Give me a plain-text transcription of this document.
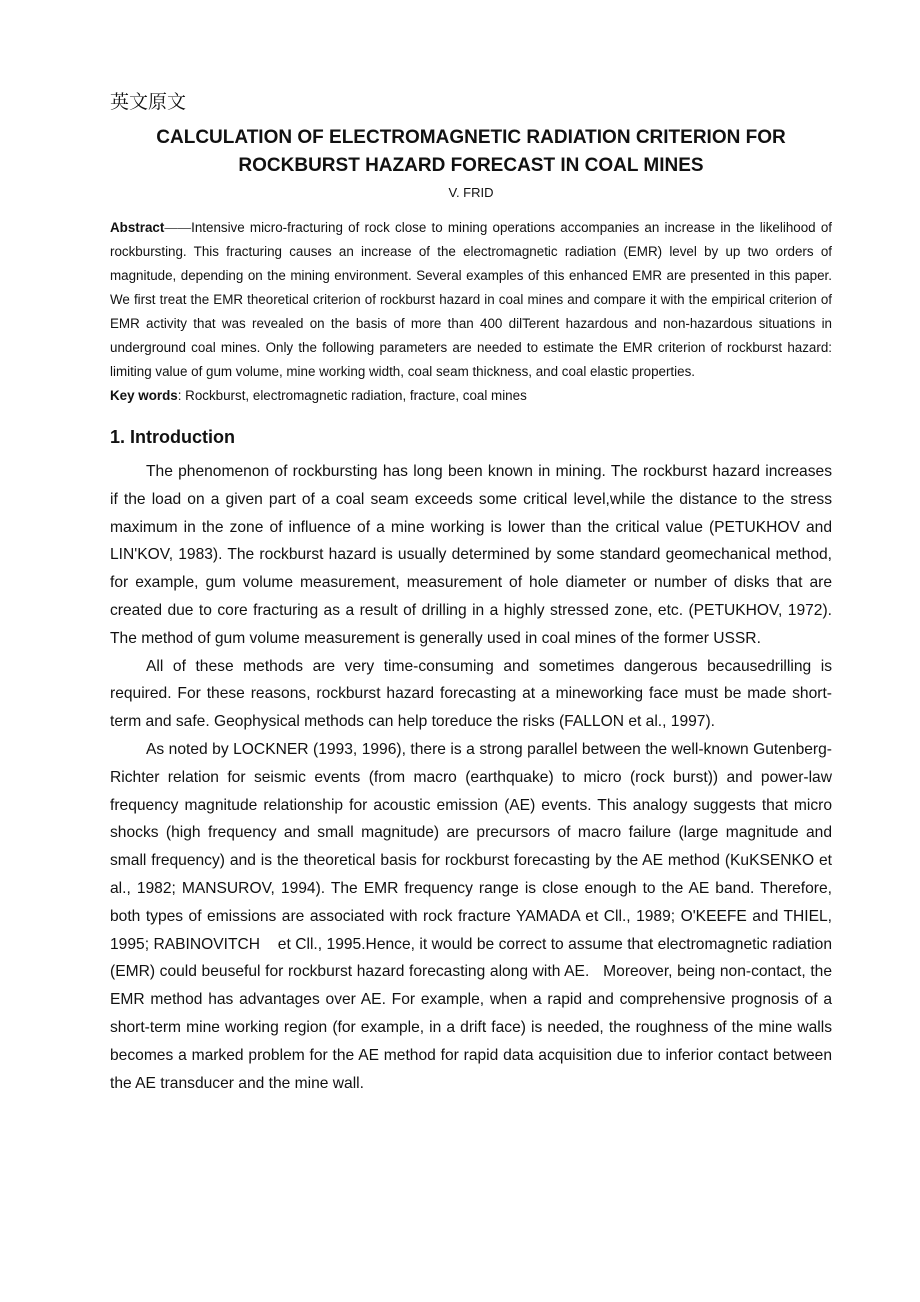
英文原文
CALCULATION OF ELECTROMAGNETIC RADIATION CRITERION FOR
ROCKBURST HAZARD FORECAST IN COAL MINES
V. FRID

Abstract——Intensive micro-fracturing of rock close to mining operations accompanies an increase in the likelihood of rockbursting. This fracturing causes an increase of the electromagnetic radiation (EMR) level by up two orders of magnitude, depending on the mining environment. Several examples of this enhanced EMR are presented in this paper. We first treat the EMR theoretical criterion of rockburst hazard in coal mines and compare it with the empirical criterion of EMR activity that was revealed on the basis of more than 400 dilTerent hazardous and non-hazardous situations in underground coal mines. Only the following parameters are needed to estimate the EMR criterion of rockburst hazard: limiting value of gum volume, mine working width, coal seam thickness, and coal elastic properties.

Key words: Rockburst, electromagnetic radiation, fracture, coal mines

1. Introduction

The phenomenon of rockbursting has long been known in mining. The rockburst hazard increases if the load on a given part of a coal seam exceeds some critical level,while the distance to the stress maximum in the zone of influence of a mine working is lower than the critical value (PETUKHOV and LIN'KOV, 1983). The rockburst hazard is usually determined by some standard geomechanical method, for example, gum volume measurement, measurement of hole diameter or number of disks that are created due to core fracturing as a result of drilling in a highly stressed zone, etc. (PETUKHOV, 1972). The method of gum volume measurement is generally used in coal mines of the former USSR.

All of these methods are very time-consuming and sometimes dangerous becausedrilling is required. For these reasons, rockburst hazard forecasting at a mineworking face must be made short-term and safe. Geophysical methods can help toreduce the risks (FALLON et al., 1997).

As noted by LOCKNER (1993, 1996), there is a strong parallel between the well-known Gutenberg-Richter relation for seismic events (from macro (earthquake) to micro (rock burst)) and power-law frequency magnitude relationship for acoustic emission (AE) events. This analogy suggests that micro shocks (high frequency and small magnitude) are precursors of macro failure (large magnitude and small frequency) and is the theoretical basis for rockburst forecasting by the AE method (KuKSENKO et al., 1982; MANSUROV, 1994). The EMR frequency range is close enough to the AE band. Therefore, both types of emissions are associated with rock fracture YAMADA et Cll., 1989; O'KEEFE and THIEL, 1995; RABINOVITCH    et Cll., 1995.Hence, it would be correct to assume that electromagnetic radiation (EMR) could beuseful for rockburst hazard forecasting along with AE.   Moreover, being non-contact, the EMR method has advantages over AE. For example, when a rapid and comprehensive prognosis of a short-term mine working region (for example, in a drift face) is needed, the roughness of the mine walls becomes a marked problem for the AE method for rapid data acquisition due to inferior contact between the AE transducer and the mine wall.
